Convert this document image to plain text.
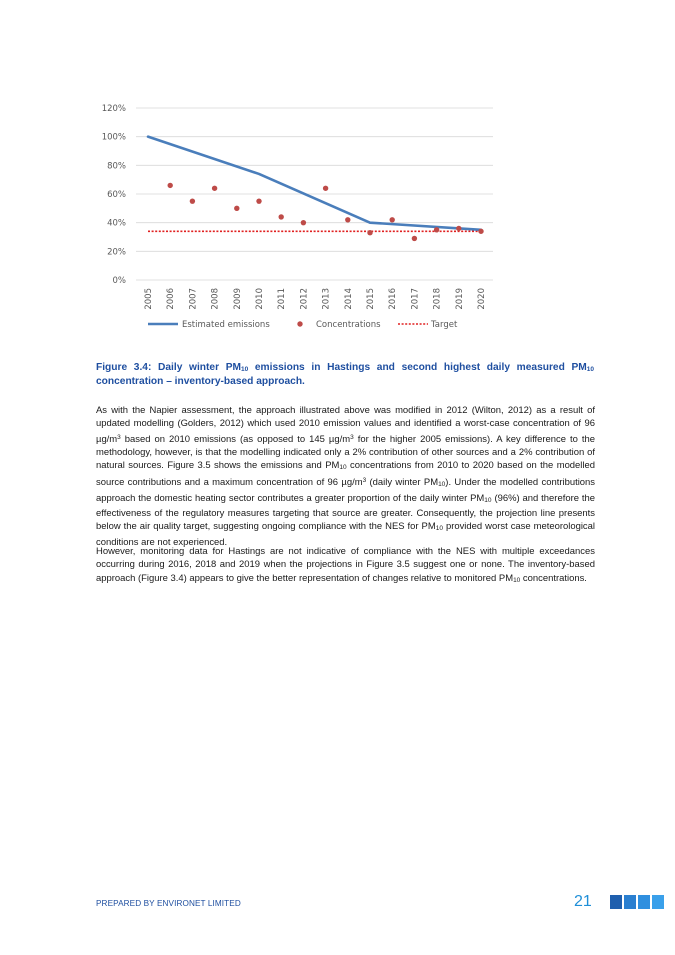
0%
20%
40%
60%
80%
100%
120%
2005 2006 2007 2008 2009 2010 2011 2012 2013 2014 2015 2016 2017 2018 2019 2020
Estimated emissions	Concentrations	Target

Figure 3.4: Daily winter PM10 emissions in Hastings and second highest daily measured PM10 concentration – inventory-based approach.

As with the Napier assessment, the approach illustrated above was modified in 2012 (Wilton, 2012) as a result of updated modelling (Golders, 2012) which used 2010 emission values and identified a worst-case concentration of 96 $\mu g/m^3$ based on 2010 emissions (as opposed to 145 $\mu g/m^3$ for the higher 2005 emissions). A key difference to the methodology, however, is that the modelling indicated only a 2% contribution of other sources and a 2% contribution of natural sources. Figure 3.5 shows the emissions and PM10 concentrations from 2010 to 2020 based on the modelled source contributions and a maximum concentration of 96 $\mu g/m^3$ (daily winter PM10). Under the modelled contributions approach the domestic heating sector contributes a greater proportion of the daily winter PM10 (96%) and therefore the effectiveness of the regulatory measures targeting that source are greater. Consequently, the projection line presents below the air quality target, suggesting ongoing compliance with the NES for PM10 provided worst case meteorological conditions are not experienced.

However, monitoring data for Hastings are not indicative of compliance with the NES with multiple exceedances occurring during 2016, 2018 and 2019 when the projections in Figure 3.5 suggest one or none. The inventory-based approach (Figure 3.4) appears to give the better representation of changes relative to monitored PM10 concentrations.

PREPARED BY ENVIRONET LIMITED	21
